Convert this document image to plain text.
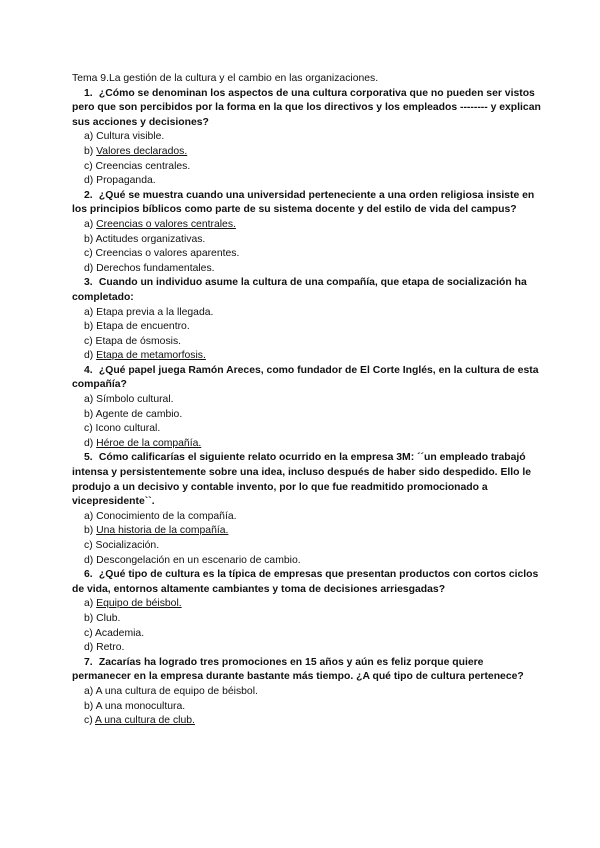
Tema 9.La gestión de la cultura y el cambio en las organizaciones.
1. ¿Cómo se denominan los aspectos de una cultura corporativa que no pueden ser vistos pero que son percibidos por la forma en la que los directivos y los empleados -------- y explican sus acciones y decisiones?
a) Cultura visible.
b) Valores declarados.
c) Creencias centrales.
d) Propaganda.
2. ¿Qué se muestra cuando una universidad perteneciente a una orden religiosa insiste en los principios bíblicos como parte de su sistema docente y del estilo de vida del campus?
a) Creencias o valores centrales.
b) Actitudes organizativas.
c) Creencias o valores aparentes.
d) Derechos fundamentales.
3. Cuando un individuo asume la cultura de una compañía, que etapa de socialización ha completado:
a) Etapa previa a la llegada.
b) Etapa de encuentro.
c) Etapa de ósmosis.
d) Etapa de metamorfosis.
4. ¿Qué papel juega Ramón Areces, como fundador de El Corte Inglés, en la cultura de esta compañía?
a) Símbolo cultural.
b) Agente de cambio.
c) Icono cultural.
d) Héroe de la compañía.
5. Cómo calificarías el siguiente relato ocurrido en la empresa 3M: ´´un empleado trabajó intensa y persistentemente sobre una idea, incluso después de haber sido despedido. Ello le produjo a un decisivo y contable invento, por lo que fue readmitido promocionado a vicepresidente``.
a) Conocimiento de la compañía.
b) Una historia de la compañía.
c) Socialización.
d) Descongelación en un escenario de cambio.
6. ¿Qué tipo de cultura es la típica de empresas que presentan productos con cortos ciclos de vida, entornos altamente cambiantes y toma de decisiones arriesgadas?
a) Equipo de béisbol.
b) Club.
c) Academia.
d) Retro.
7. Zacarías ha logrado tres promociones en 15 años y aún es feliz porque quiere permanecer en la empresa durante bastante más tiempo. ¿A qué tipo de cultura pertenece?
a) A una cultura de equipo de béisbol.
b) A una monocultura.
c) A una cultura de club.
